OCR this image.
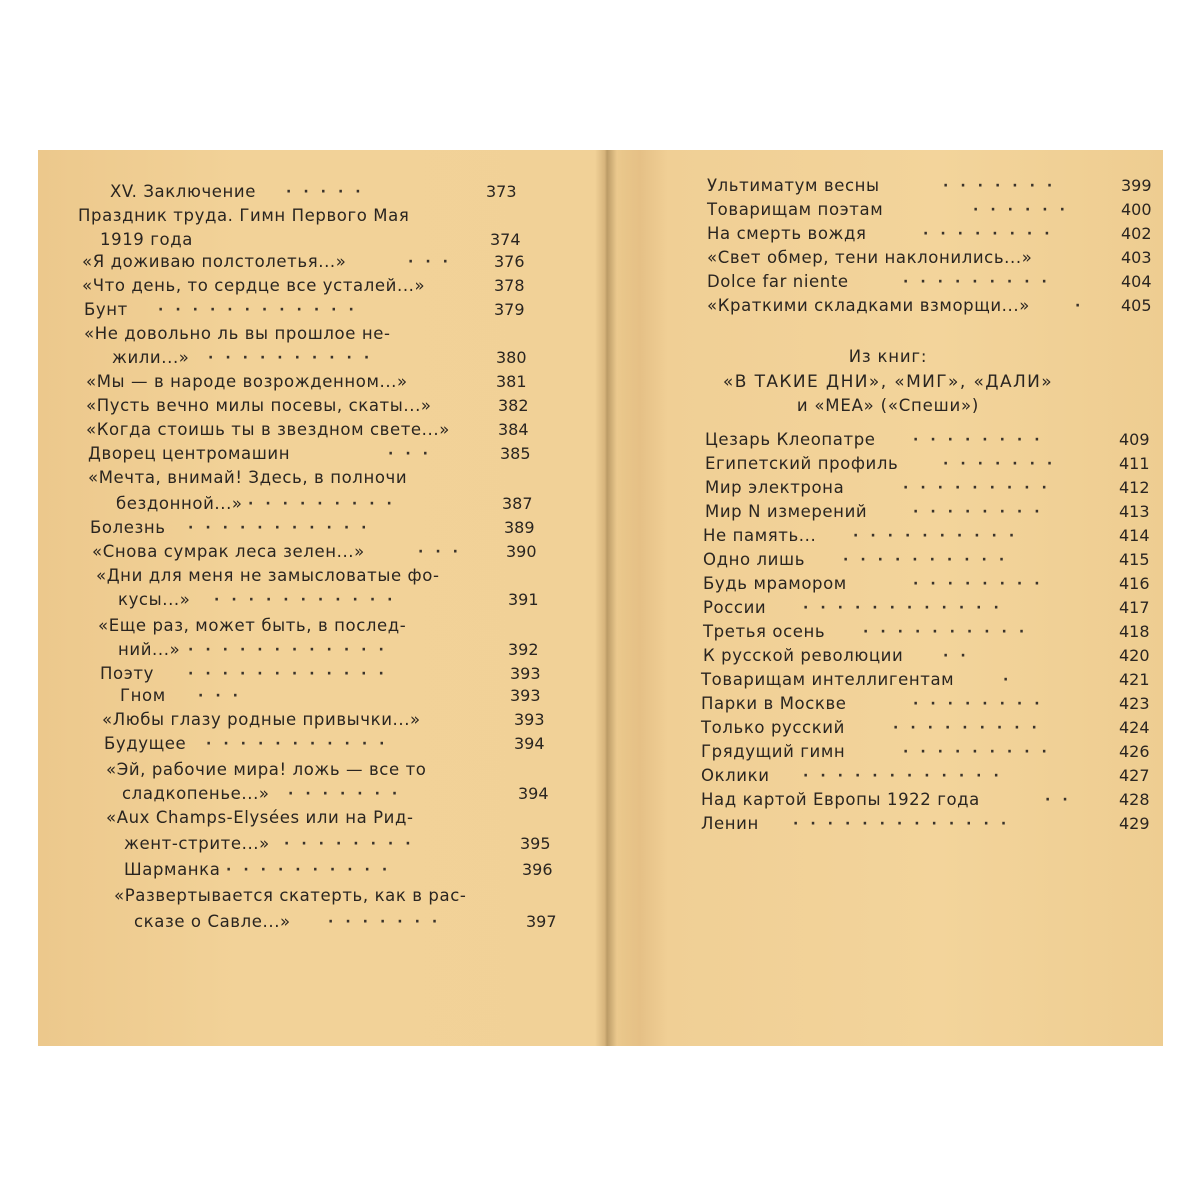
XV. Заключение ·····	373
Праздник труда. Гимн Первого Мая
1919 года	374
«Я доживаю полстолетья...»	··· 376
«Что день, то сердце все усталей...»	378
Бунт ············	379
«Не довольно ль вы прошлое не-
жили...» ··········	380
«Мы — в народе возрожденном...»	381
«Пусть вечно милы посевы, скаты...»	382
«Когда стоишь ты в звездном свете...»	384
Дворец центромашин	···	385
«Мечта, внимай! Здесь, в полночи
бездонной...» ·········	387
Болезнь ···········	389
«Снова сумрак леса зелен...»	··· 390
«Дни для меня не замысловатые фо-
кусы...» ···········	391
«Еще раз, может быть, в послед-
ний...» ············	392
Поэту ············	393
Гном ···	393
«Любы глазу родные привычки...»	393
Будущее ···········	394
«Эй, рабочие мира! ложь — все то
сладкопенье...» ·······	394
«Aux Champs-Elysées или на Рид-
жент-стрите...» ········	395
Шарманка ··········	396
«Развертывается скатерть, как в рас-
сказе о Савле...»	·······	397
Из книг:
«В ТАКИЕ ДНИ», «МИГ», «ДАЛИ»
и «МЕА» («Спеши»)
Ультиматум весны	·······	399
Товарищам поэтам	······	400
На смерть вождя	········	402
«Свет обмер, тени наклонились...»	403
Dolce far niente	·········	404
«Краткими складками взморщи...»	· 405
Цезарь Клеопатре	········	409
Египетский профиль	·······	411
Мир электрона	·········	412
Мир N измерений	········	413
Не память...	··········	414
Одно лишь	··········	415
Будь мрамором	········	416
России	············	417
Третья осень	··········	418
К русской революции	··	420
Товарищам интеллигентам	·	421
Парки в Москве	········	423
Только русский	·········	424
Грядущий гимн	·········	426
Оклики ············	427
Над картой Европы 1922 года	·· 428
Ленин ·············	429
